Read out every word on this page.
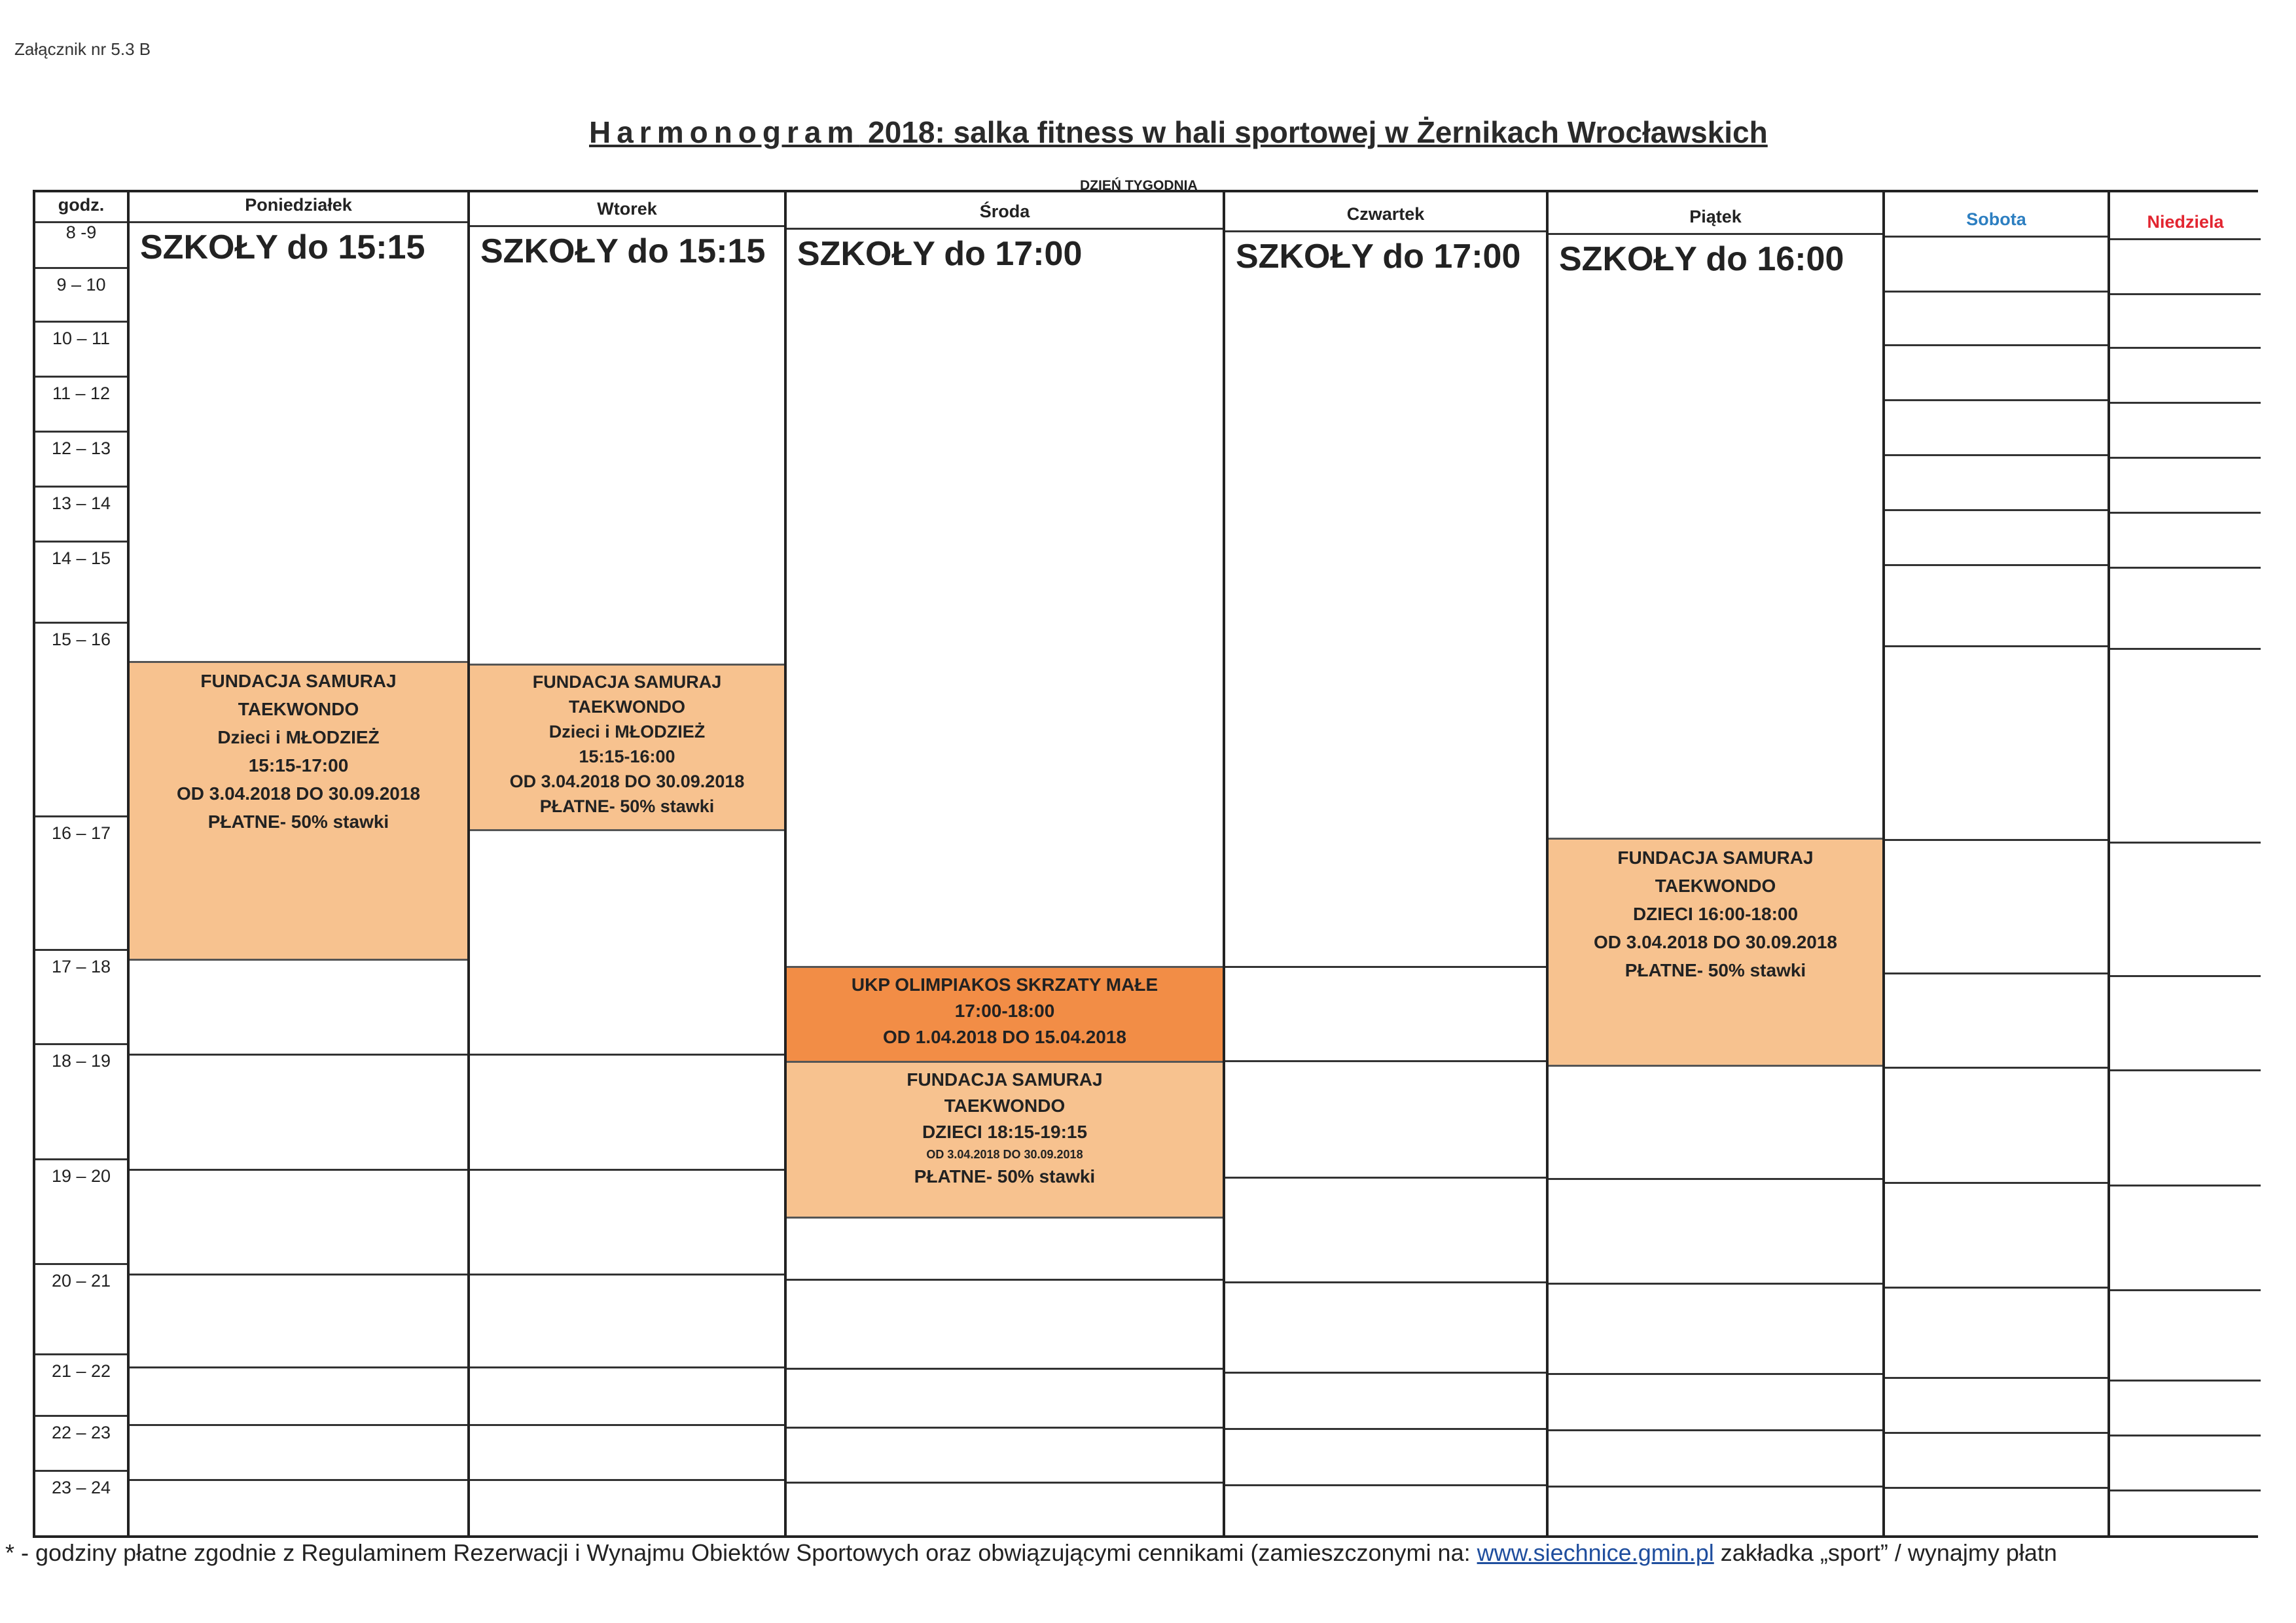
Załącznik nr 5.3 B
Harmonogram 2018: salka fitness w hali sportowej w Żernikach Wrocławskich
DZIEŃ TYGODNIA
godz.
8 -9
9 – 10
10 – 11
11 – 12
12 – 13
13 – 14
14 – 15
15 – 16
16 – 17
17 – 18
18 – 19
19 – 20
20 – 21
21 – 22
22 – 23
23 – 24
Poniedziałek
SZKOŁY do 15:15
FUNDACJA SAMURAJ
TAEKWONDO
Dzieci i MŁODZIEŻ
15:15-17:00
OD 3.04.2018 DO 30.09.2018
PŁATNE- 50% stawki
Wtorek
SZKOŁY do 15:15
FUNDACJA SAMURAJ
TAEKWONDO
Dzieci i MŁODZIEŻ
15:15-16:00
OD 3.04.2018 DO 30.09.2018
PŁATNE- 50% stawki
Środa
SZKOŁY do 17:00
UKP OLIMPIAKOS SKRZATY MAŁE
17:00-18:00
OD 1.04.2018 DO 15.04.2018
FUNDACJA SAMURAJ
TAEKWONDO
DZIECI 18:15-19:15
OD 3.04.2018 DO 30.09.2018
PŁATNE- 50% stawki
Czwartek
SZKOŁY do 17:00
Piątek
SZKOŁY do 16:00
FUNDACJA SAMURAJ
TAEKWONDO
DZIECI 16:00-18:00
OD 3.04.2018 DO 30.09.2018
PŁATNE- 50% stawki
Sobota	Niedziela
* - godziny płatne zgodnie z Regulaminem Rezerwacji i Wynajmu Obiektów Sportowych oraz obwiązującymi cennikami (zamieszczonymi na: www.siechnice.gmin.pl zakładka „sport” / wynajmy płatn
